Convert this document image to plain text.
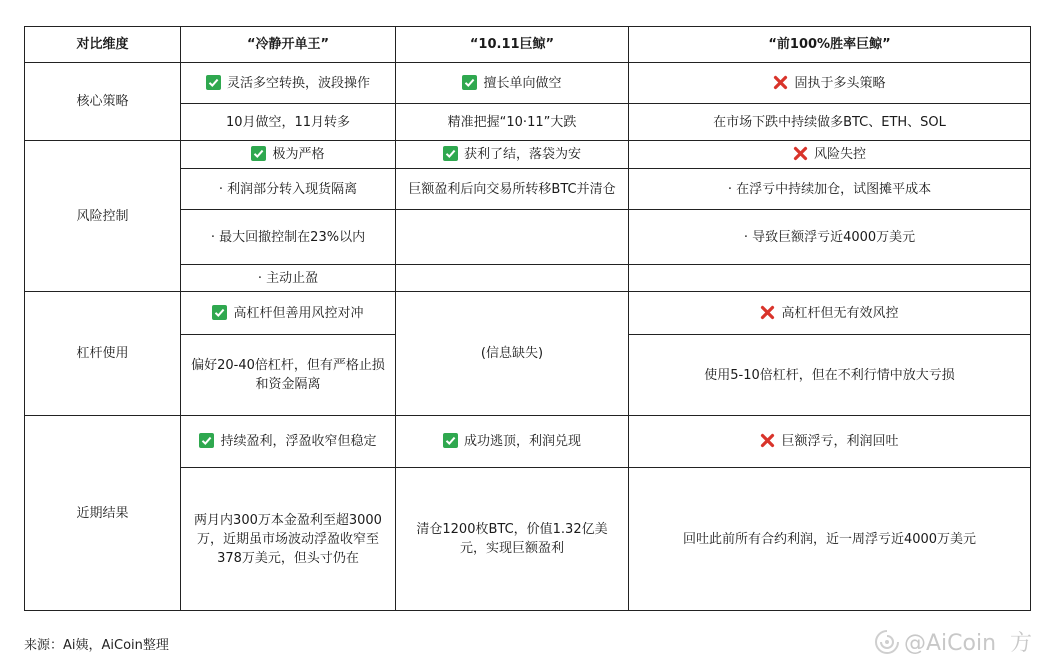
对比维度	“冷静开单王”	“10.11巨鲸”	“前100%胜率巨鲸”
核心策略	灵活多空转换，波段操作	擅长单向做空	固执于多头策略
	10月做空，11月转多	精准把握“10·11”大跌	在市场下跌中持续做多BTC、ETH、SOL
风险控制	极为严格	获利了结，落袋为安	风险失控
	· 利润部分转入现货隔离	巨额盈利后向交易所转移BTC并清仓	· 在浮亏中持续加仓，试图摊平成本
	· 最大回撤控制在23%以内		· 导致巨额浮亏近4000万美元
	· 主动止盈		
杠杆使用	高杠杆但善用风控对冲	(信息缺失)	高杠杆但无有效风控
	偏好20-40倍杠杆，但有严格止损和资金隔离		使用5-10倍杠杆，但在不利行情中放大亏损
近期结果	持续盈利，浮盈收窄但稳定	成功逃顶，利润兑现	巨额浮亏，利润回吐
	两月内300万本金盈利至超3000万，近期虽市场波动浮盈收窄至378万美元，但头寸仍在	清仓1200枚BTC，价值1.32亿美元，实现巨额盈利	回吐此前所有合约利润，近一周浮亏近4000万美元
来源：Ai姨，AiCoin整理	@AiCoin  方
